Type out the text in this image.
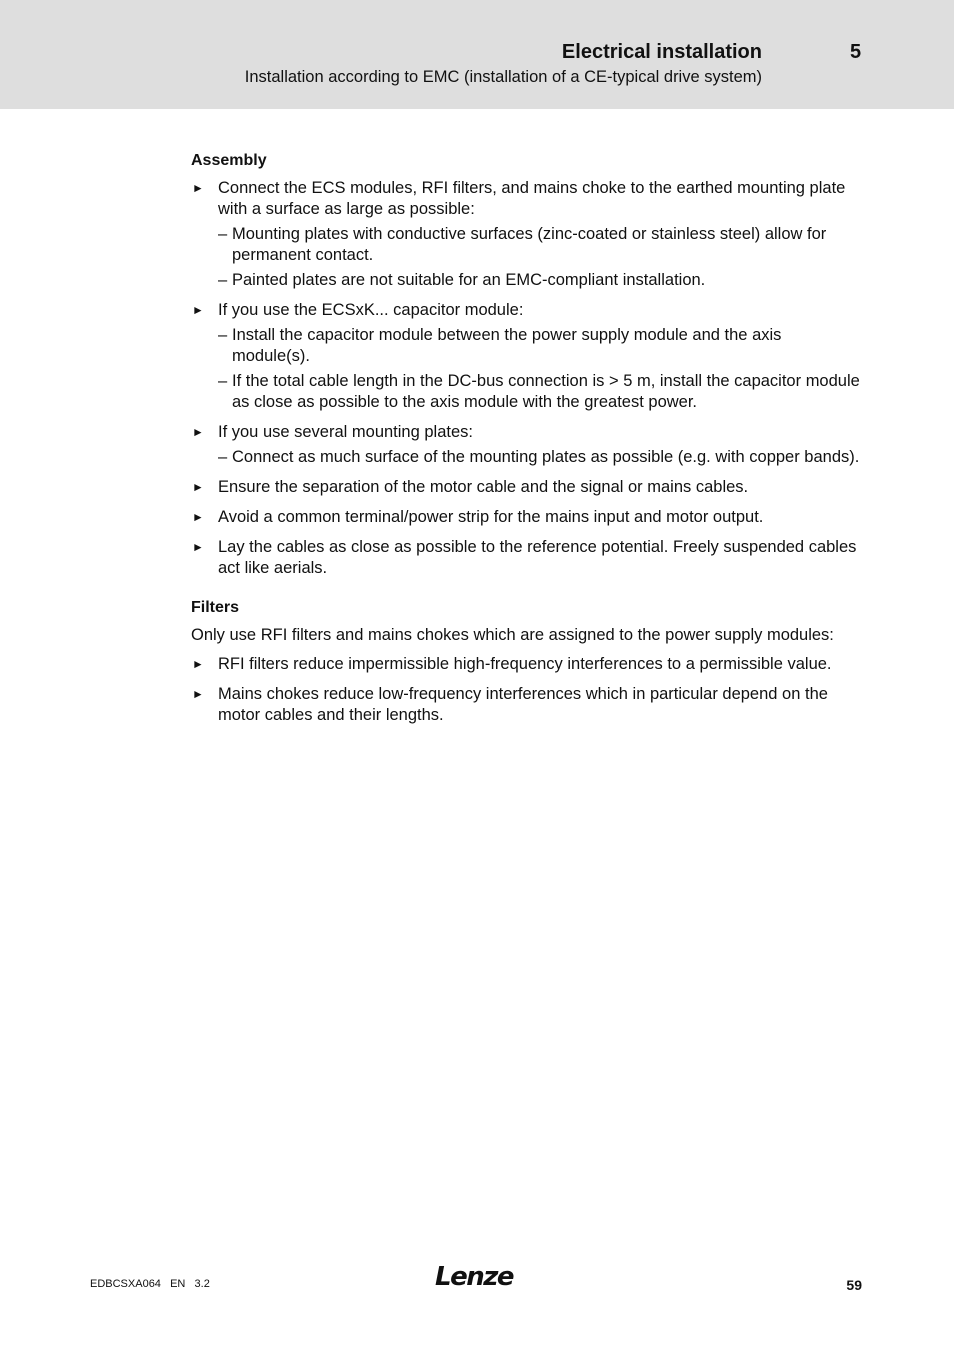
Electrical installation	5
Installation according to EMC (installation of a CE-typical drive system)
Assembly
► Connect the ECS modules, RFI filters, and mains choke to the earthed mounting plate with a surface as large as possible:
– Mounting plates with conductive surfaces (zinc-coated or stainless steel) allow for permanent contact.
– Painted plates are not suitable for an EMC-compliant installation.
► If you use the ECSxK... capacitor module:
– Install the capacitor module between the power supply module and the axis module(s).
– If the total cable length in the DC-bus connection is > 5 m, install the capacitor module as close as possible to the axis module with the greatest power.
► If you use several mounting plates:
– Connect as much surface of the mounting plates as possible (e.g. with copper bands).
► Ensure the separation of the motor cable and the signal or mains cables.
► Avoid a common terminal/power strip for the mains input and motor output.
► Lay the cables as close as possible to the reference potential. Freely suspended cables act like aerials.
Filters
Only use RFI filters and mains chokes which are assigned to the power supply modules:
► RFI filters reduce impermissible high-frequency interferences to a permissible value.
► Mains chokes reduce low-frequency interferences which in particular depend on the motor cables and their lengths.
EDBCSXA064   EN   3.2	Lenze	59
